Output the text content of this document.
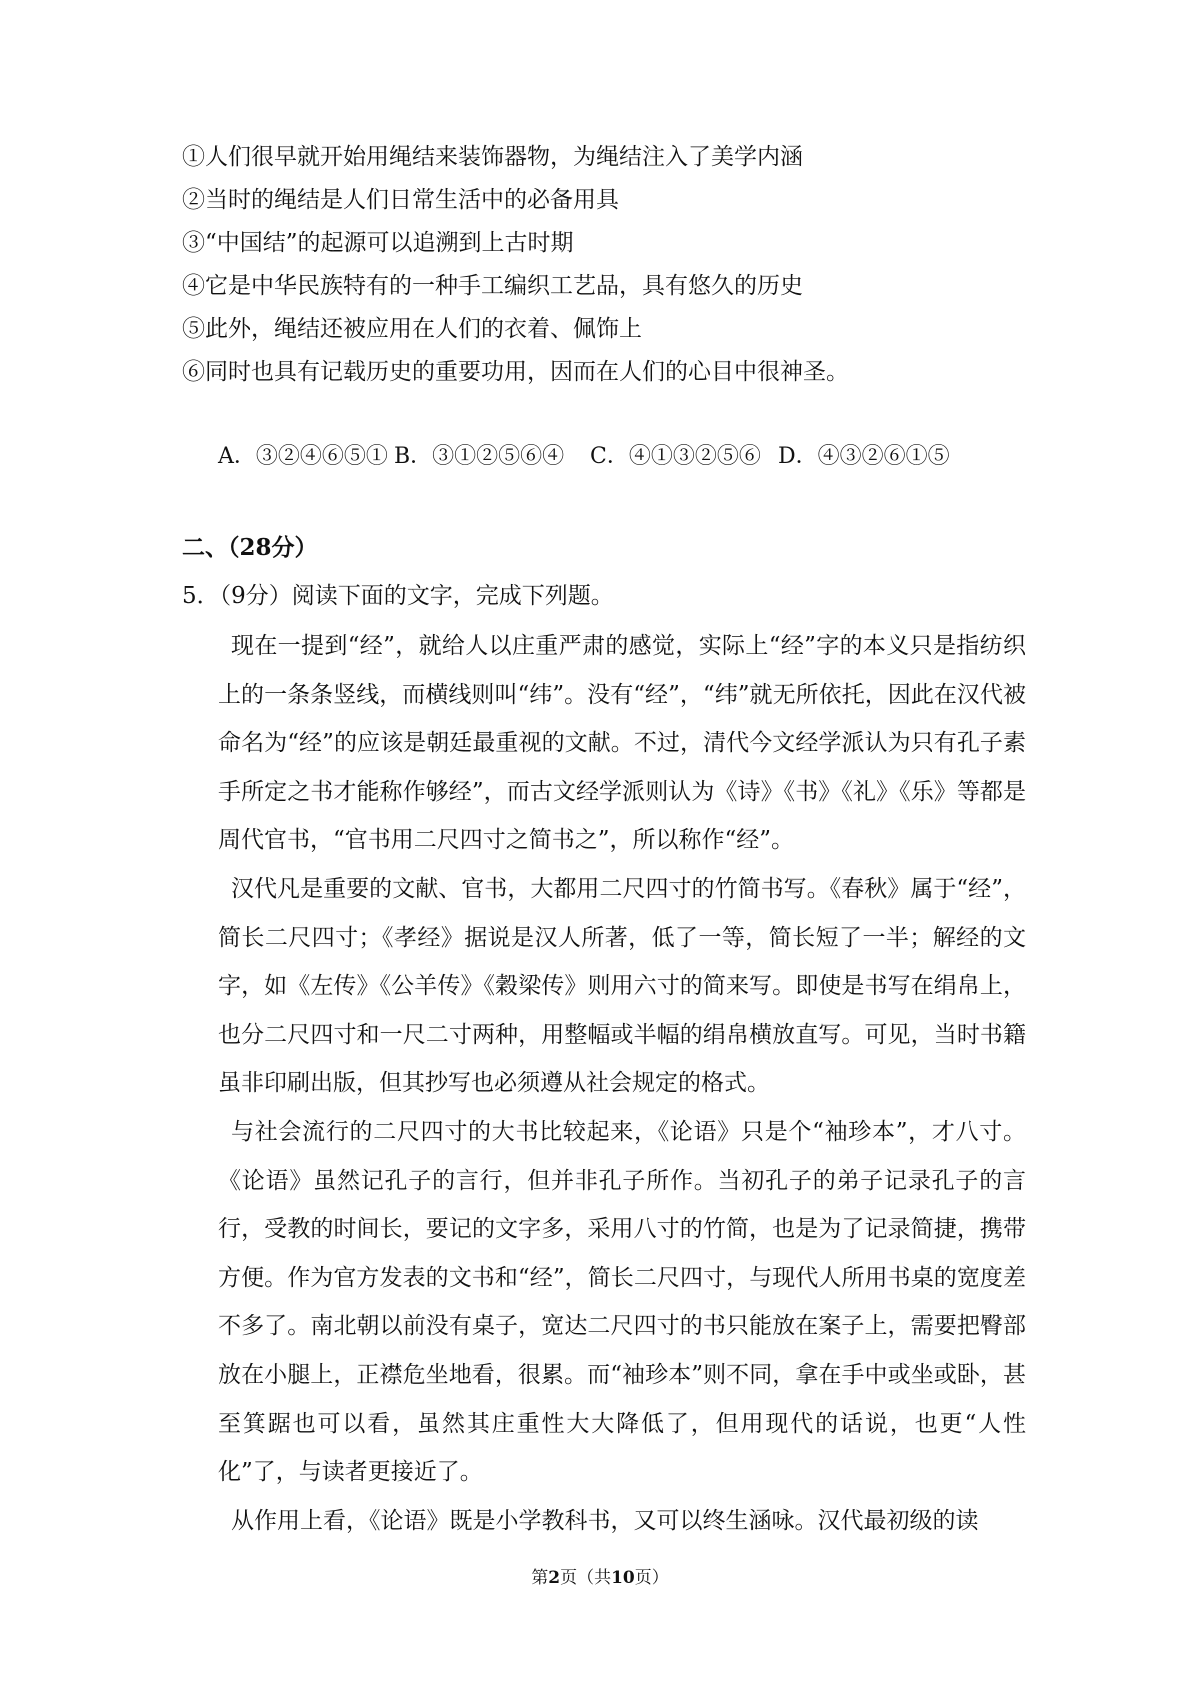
①人们很早就开始用绳结来装饰器物，为绳结注入了美学内涵
②当时的绳结是人们日常生活中的必备用具
③“中国结”的起源可以追溯到上古时期
④它是中华民族特有的一种手工编织工艺品，具有悠久的历史
⑤此外，绳结还被应用在人们的衣着、佩饰上
⑥同时也具有记载历史的重要功用，因而在人们的心目中很神圣。
A．③②④⑥⑤① B．③①②⑤⑥④ C．④①③②⑤⑥ D．④③②⑥①⑤
二、（28分）
5．（9分）阅读下面的文字，完成下列题。

现在一提到“经”，就给人以庄重严肃的感觉，实际上“经”字的本义只是指纺织上的一条条竖线，而横线则叫“纬”。没有“经”，“纬”就无所依托，因此在汉代被命名为“经”的应该是朝廷最重视的文献。不过，清代今文经学派认为只有孔子素手所定之书才能称作够经”，而古文经学派则认为《诗》《书》《礼》《乐》等都是周代官书，“官书用二尺四寸之简书之”，所以称作“经”。

汉代凡是重要的文献、官书，大都用二尺四寸的竹简书写。《春秋》属于“经”，简长二尺四寸；《孝经》据说是汉人所著，低了一等，简长短了一半；解经的文字，如《左传》《公羊传》《穀梁传》则用六寸的简来写。即使是书写在绢帛上，也分二尺四寸和一尺二寸两种，用整幅或半幅的绢帛横放直写。可见，当时书籍虽非印刷出版，但其抄写也必须遵从社会规定的格式。

与社会流行的二尺四寸的大书比较起来，《论语》只是个“袖珍本”，才八寸。《论语》虽然记孔子的言行，但并非孔子所作。当初孔子的弟子记录孔子的言行，受教的时间长，要记的文字多，采用八寸的竹简，也是为了记录简捷，携带方便。作为官方发表的文书和“经”，简长二尺四寸，与现代人所用书桌的宽度差不多了。南北朝以前没有桌子，宽达二尺四寸的书只能放在案子上，需要把臀部放在小腿上，正襟危坐地看，很累。而“袖珍本”则不同，拿在手中或坐或卧，甚至箕踞也可以看，虽然其庄重性大大降低了，但用现代的话说，也更“人性化”了，与读者更接近了。

从作用上看，《论语》既是小学教科书，又可以终生涵咏。汉代最初级的读

第2页（共10页）
